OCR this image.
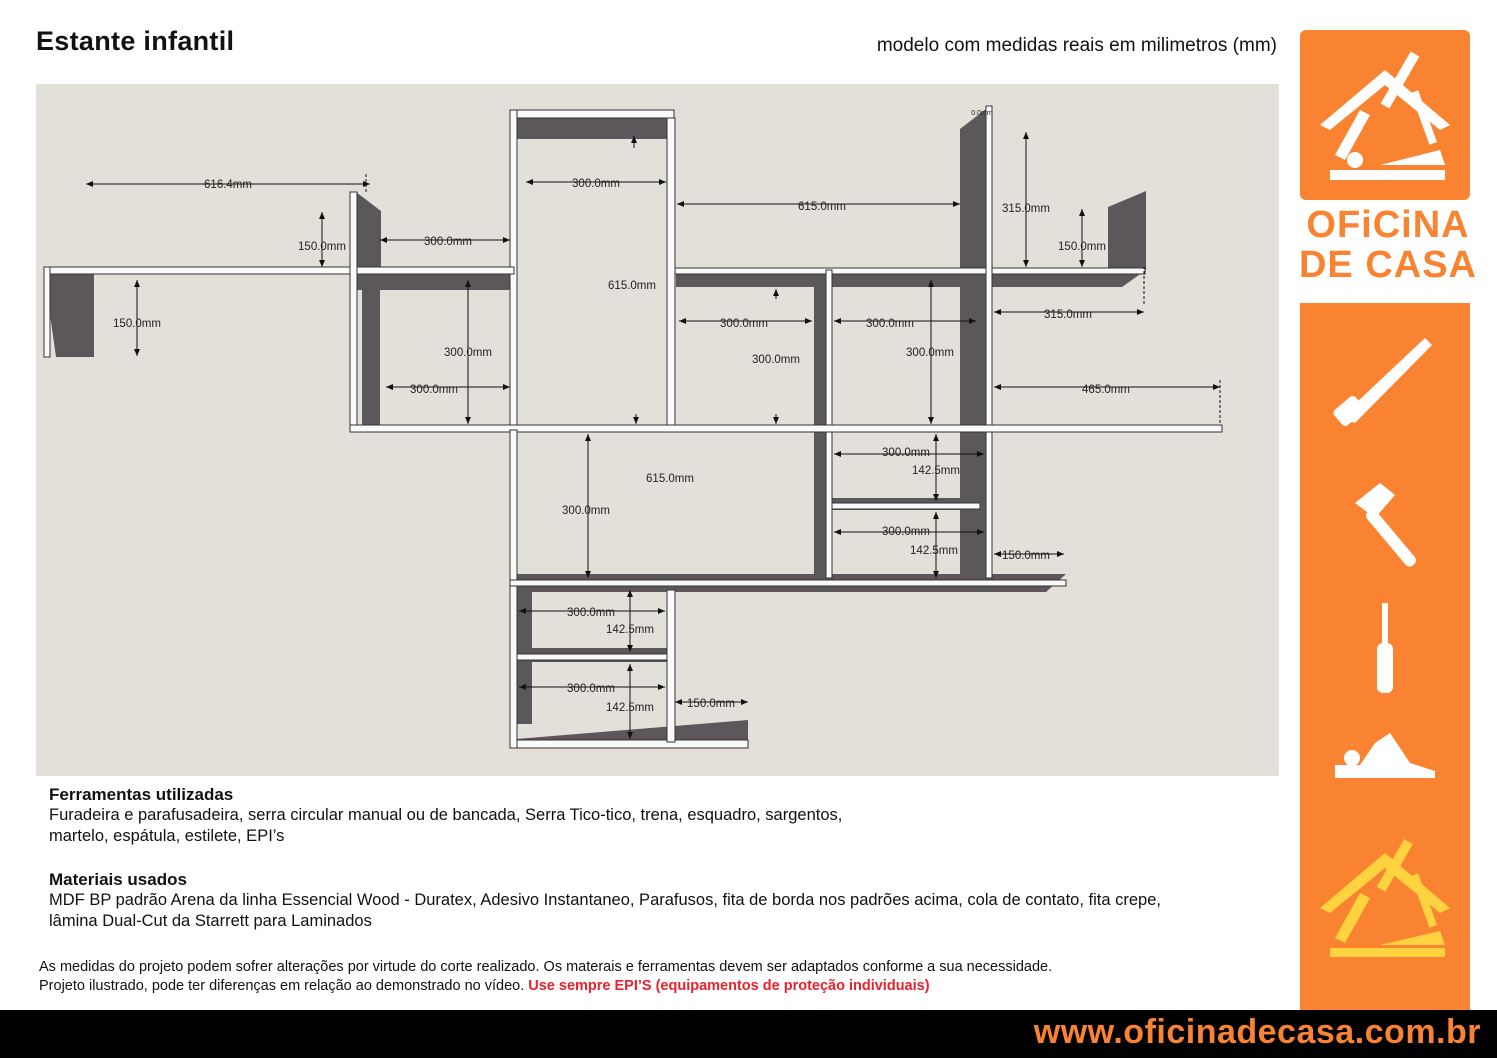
Estante infantil	modelo com medidas reais em milimetros (mm)
616.4mm
150.0mm	300.0mm
300.0mm
615.0mm
615.0mm
0.0mm
315.0mm
150.0mm
150.0mm
300.0mm
300.0mm
300.0mm
300.0mm
300.0mm
300.0mm
315.0mm
465.0mm
300.0mm
142.5mm
615.0mm
300.0mm
300.0mm
142.5mm	150.0mm
300.0mm
142.5mm
300.0mm
142.5mm	150.0mm
Ferramentas utilizadas

Furadeira e parafusadeira, serra circular manual ou de bancada, Serra Tico-tico, trena, esquadro, sargentos,

martelo, espátula, estilete, EPI’s

Materiais usados

MDF BP padrão Arena da linha Essencial Wood - Duratex, Adesivo Instantaneo, Parafusos, fita de borda nos padrões acima, cola de contato, fita crepe,

lâmina Dual-Cut da Starrett para Laminados

As medidas do projeto podem sofrer alterações por virtude do corte realizado. Os materais e ferramentas devem ser adaptados conforme a sua necessidade.
Projeto ilustrado, pode ter diferenças em relação ao demonstrado no vídeo. Use sempre EPI’S (equipamentos de proteção individuais)
OFiCiNA
DE CASA
www.oficinadecasa.com.br
